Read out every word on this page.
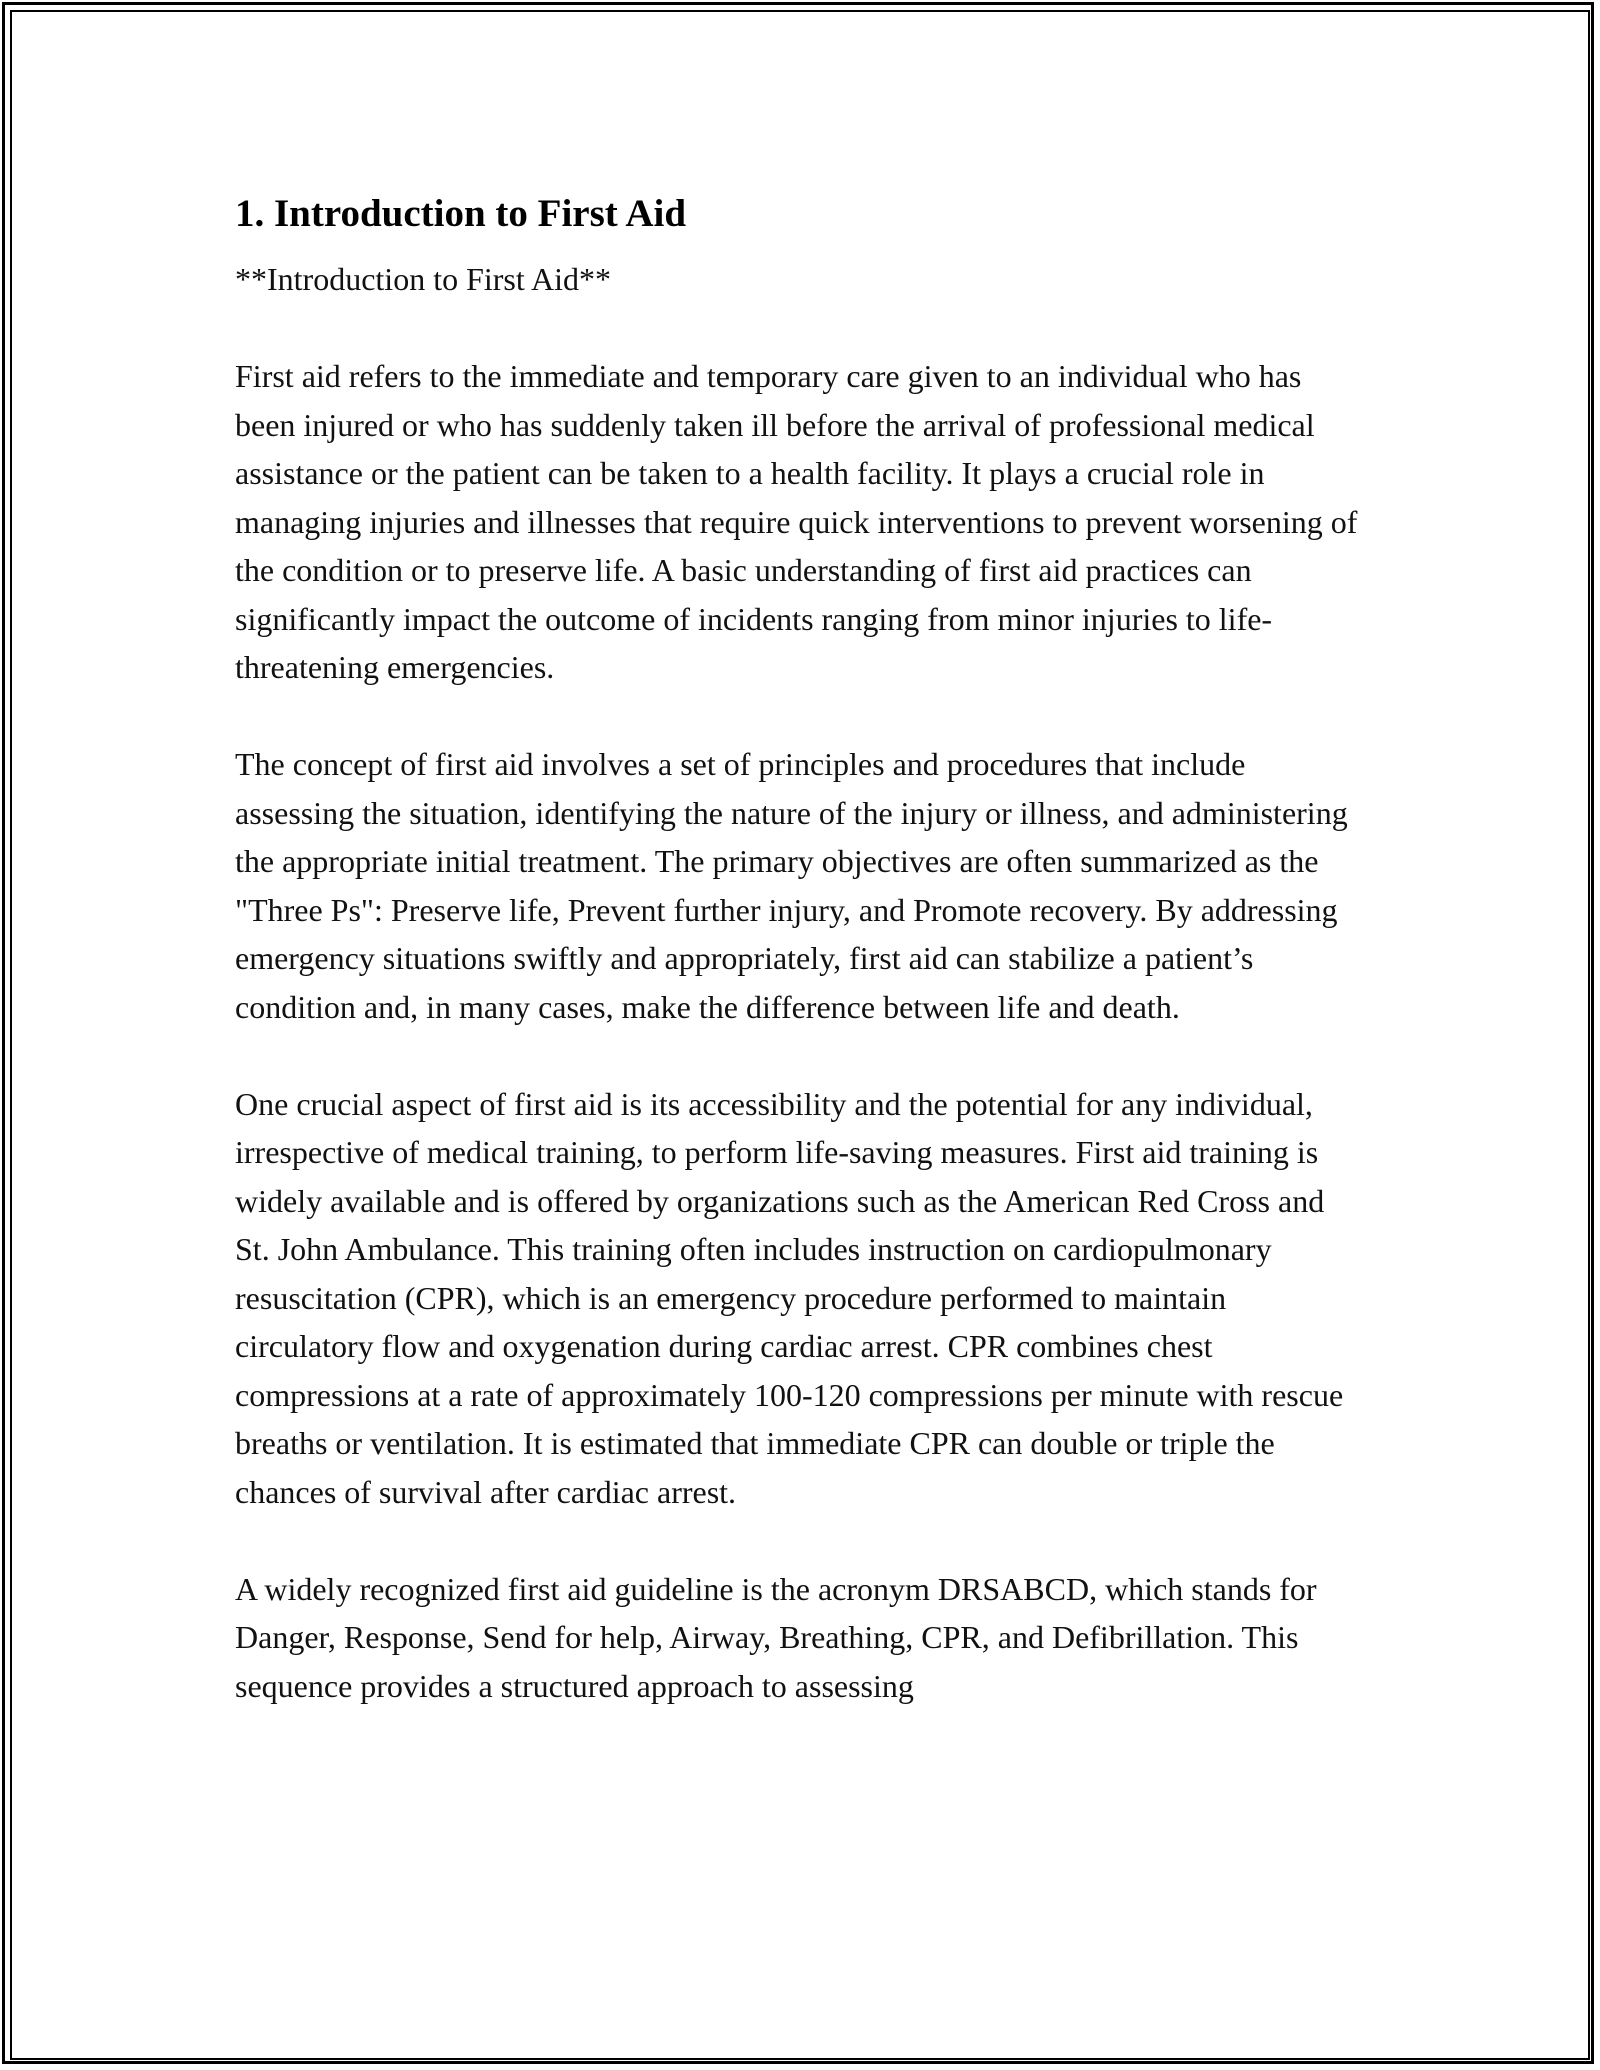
1. Introduction to First Aid

**Introduction to First Aid**

First aid refers to the immediate and temporary care given to an individual who has been injured or who has suddenly taken ill before the arrival of professional medical assistance or the patient can be taken to a health facility. It plays a crucial role in managing injuries and illnesses that require quick interventions to prevent worsening of the condition or to preserve life. A basic understanding of first aid practices can significantly impact the outcome of incidents ranging from minor injuries to life-threatening emergencies.

The concept of first aid involves a set of principles and procedures that include assessing the situation, identifying the nature of the injury or illness, and administering the appropriate initial treatment. The primary objectives are often summarized as the "Three Ps": Preserve life, Prevent further injury, and Promote recovery. By addressing emergency situations swiftly and appropriately, first aid can stabilize a patient’s condition and, in many cases, make the difference between life and death.

One crucial aspect of first aid is its accessibility and the potential for any individual, irrespective of medical training, to perform life-saving measures. First aid training is widely available and is offered by organizations such as the American Red Cross and St. John Ambulance. This training often includes instruction on cardiopulmonary resuscitation (CPR), which is an emergency procedure performed to maintain circulatory flow and oxygenation during cardiac arrest. CPR combines chest compressions at a rate of approximately 100-120 compressions per minute with rescue breaths or ventilation. It is estimated that immediate CPR can double or triple the chances of survival after cardiac arrest.

A widely recognized first aid guideline is the acronym DRSABCD, which stands for Danger, Response, Send for help, Airway, Breathing, CPR, and Defibrillation. This sequence provides a structured approach to assessing
